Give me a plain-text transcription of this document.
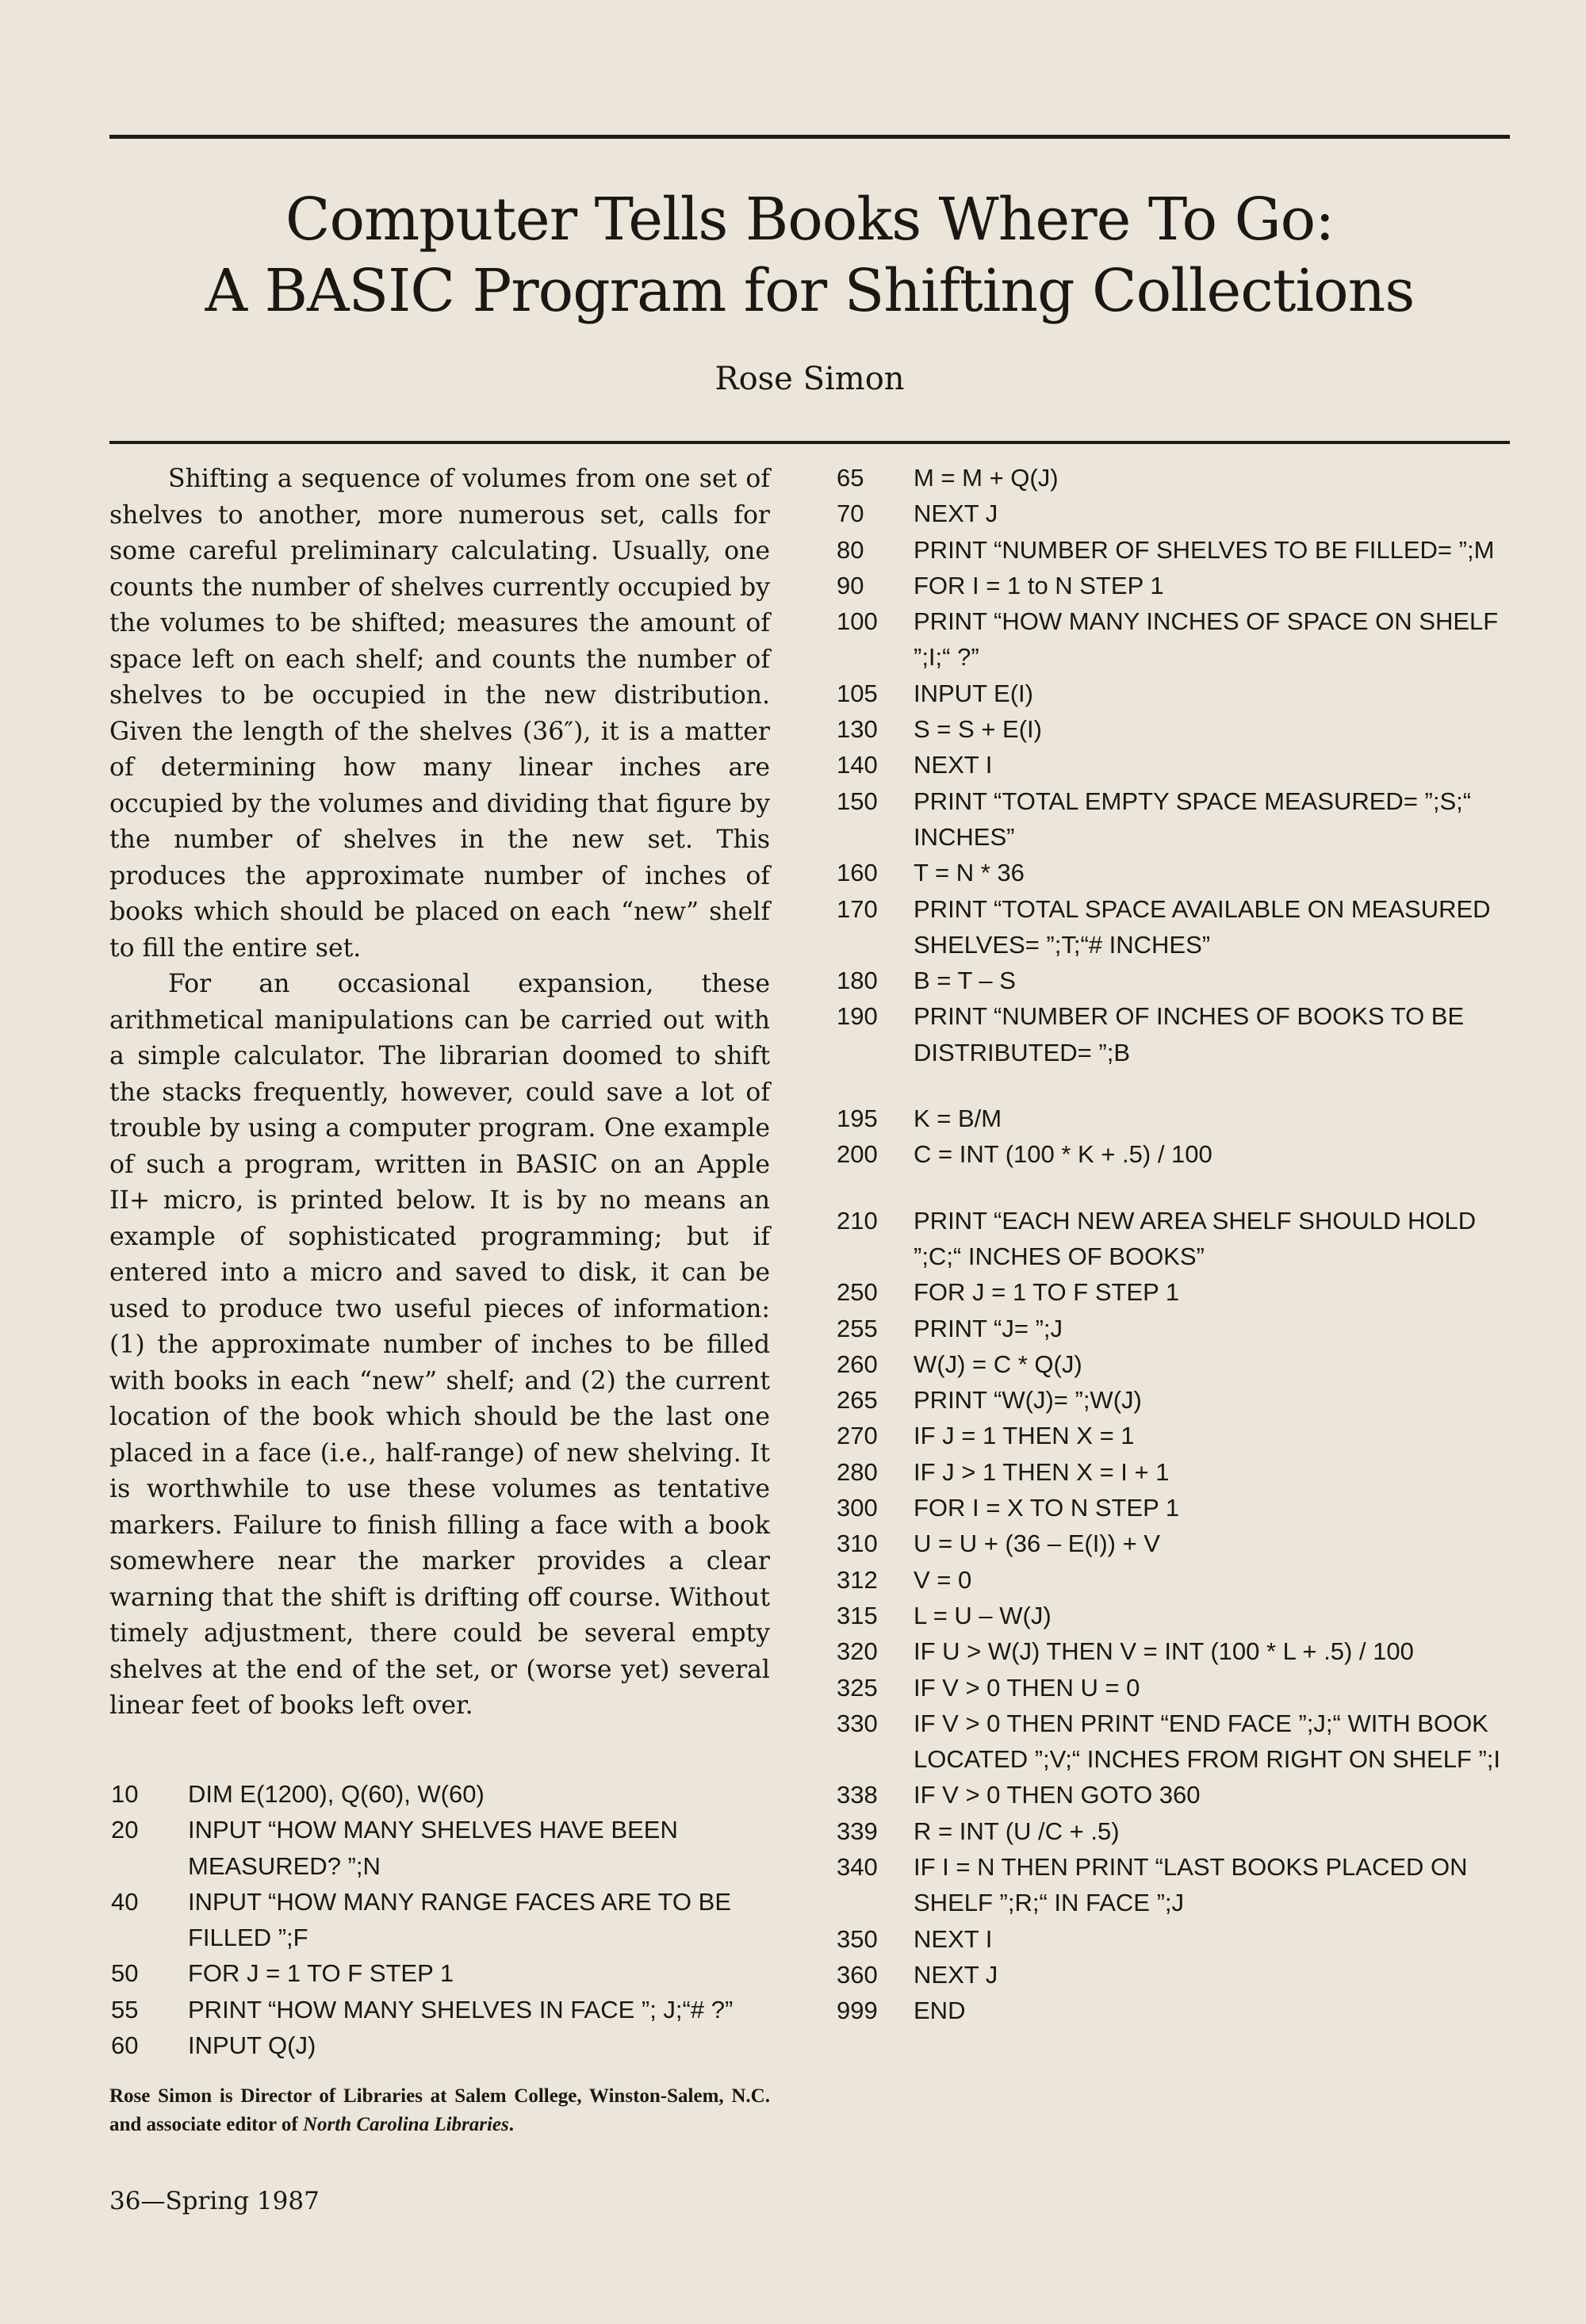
Computer Tells Books Where To Go:
A BASIC Program for Shifting Collections
Rose Simon

Shifting a sequence of volumes from one set of shelves to another, more numerous set, calls for some careful preliminary calculating. Usually, one counts the number of shelves currently occupied by the volumes to be shifted; measures the amount of space left on each shelf; and counts the number of shelves to be occupied in the new distribution. Given the length of the shelves (36″), it is a matter of determining how many linear inches are occupied by the volumes and dividing that figure by the number of shelves in the new set. This produces the approximate number of inches of books which should be placed on each “new” shelf to fill the entire set.

For an occasional expansion, these arithmetical manipulations can be carried out with a simple calculator. The librarian doomed to shift the stacks frequently, however, could save a lot of trouble by using a computer program. One example of such a program, written in BASIC on an Apple II+ micro, is printed below. It is by no means an example of sophisticated programming; but if entered into a micro and saved to disk, it can be used to produce two useful pieces of information: (1) the approximate number of inches to be filled with books in each “new” shelf; and (2) the current location of the book which should be the last one placed in a face (i.e., half-range) of new shelving. It is worthwhile to use these volumes as tentative markers. Failure to finish filling a face with a book somewhere near the marker provides a clear warning that the shift is drifting off course. Without timely adjustment, there could be several empty shelves at the end of the set, or (worse yet) several linear feet of books left over.

10	DIM E(1200), Q(60), W(60)
20	INPUT “HOW MANY SHELVES HAVE BEEN MEASURED? ”;N
40	INPUT “HOW MANY RANGE FACES ARE TO BE FILLED ”;F
50	FOR J = 1 TO F STEP 1
55	PRINT “HOW MANY SHELVES IN FACE ”; J;“# ?”
60	INPUT Q(J)
65	M = M + Q(J)
70	NEXT J
80	PRINT “NUMBER OF SHELVES TO BE FILLED= ”;M
90	FOR I = 1 to N STEP 1
100	PRINT “HOW MANY INCHES OF SPACE ON SHELF ”;I;“ ?”
105	INPUT E(I)
130	S = S + E(I)
140	NEXT I
150	PRINT “TOTAL EMPTY SPACE MEASURED= ”;S;“ INCHES”
160	T = N * 36
170	PRINT “TOTAL SPACE AVAILABLE ON MEASURED SHELVES= ”;T;“# INCHES”
180	B = T – S
190	PRINT “NUMBER OF INCHES OF BOOKS TO BE DISTRIBUTED= ”;B
195	K = B/M
200	C = INT (100 * K + .5) / 100
210	PRINT “EACH NEW AREA SHELF SHOULD HOLD ”;C;“ INCHES OF BOOKS”
250	FOR J = 1 TO F STEP 1
255	PRINT “J= ”;J
260	W(J) = C * Q(J)
265	PRINT “W(J)= ”;W(J)
270	IF J = 1 THEN X = 1
280	IF J > 1 THEN X = I + 1
300	FOR I = X TO N STEP 1
310	U = U + (36 – E(I)) + V
312	V = 0
315	L = U – W(J)
320	IF U > W(J) THEN V = INT (100 * L + .5) / 100
325	IF V > 0 THEN U = 0
330	IF V > 0 THEN PRINT “END FACE ”;J;“ WITH BOOK LOCATED ”;V;“ INCHES FROM RIGHT ON SHELF ”;I
338	IF V > 0 THEN GOTO 360
339	R = INT (U /C + .5)
340	IF I = N THEN PRINT “LAST BOOKS PLACED ON SHELF ”;R;“ IN FACE ”;J
350	NEXT I
360	NEXT J
999	END
Rose Simon is Director of Libraries at Salem College, Winston-Salem, N.C. and associate editor of North Carolina Libraries.
36—Spring 1987
